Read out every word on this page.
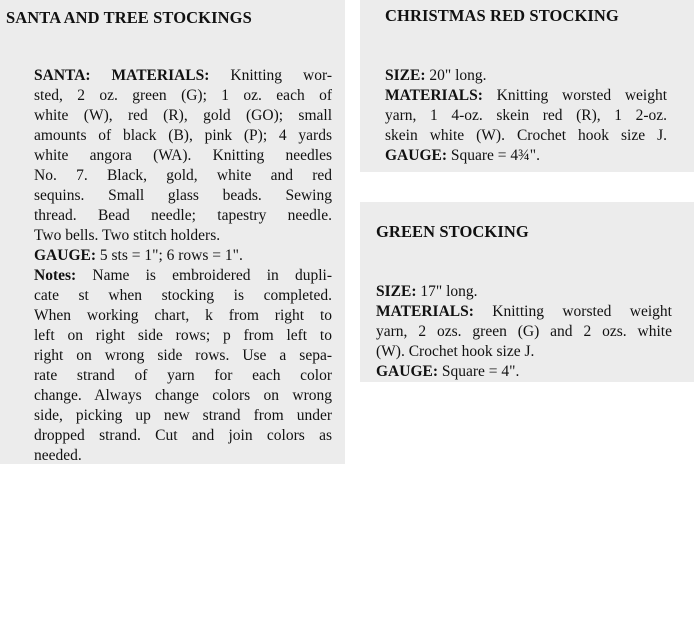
SANTA AND TREE STOCKINGS
SANTA: MATERIALS: Knitting wor-
sted, 2 oz. green (G); 1 oz. each of
white (W), red (R), gold (GO); small
amounts of black (B), pink (P); 4 yards
white angora (WA). Knitting needles
No. 7. Black, gold, white and red
sequins. Small glass beads. Sewing
thread. Bead needle; tapestry needle.
Two bells. Two stitch holders.
GAUGE: 5 sts = 1"; 6 rows = 1".
Notes: Name is embroidered in dupli-
cate st when stocking is completed.
When working chart, k from right to
left on right side rows; p from left to
right on wrong side rows. Use a sepa-
rate strand of yarn for each color
change. Always change colors on wrong
side, picking up new strand from under
dropped strand. Cut and join colors as
needed.
CHRISTMAS RED STOCKING
SIZE: 20" long.
MATERIALS: Knitting worsted weight
yarn, 1 4-oz. skein red (R), 1 2-oz.
skein white (W). Crochet hook size J.
GAUGE: Square = 4¾".
GREEN STOCKING
SIZE: 17" long.
MATERIALS: Knitting worsted weight
yarn, 2 ozs. green (G) and 2 ozs. white
(W). Crochet hook size J.
GAUGE: Square = 4".
